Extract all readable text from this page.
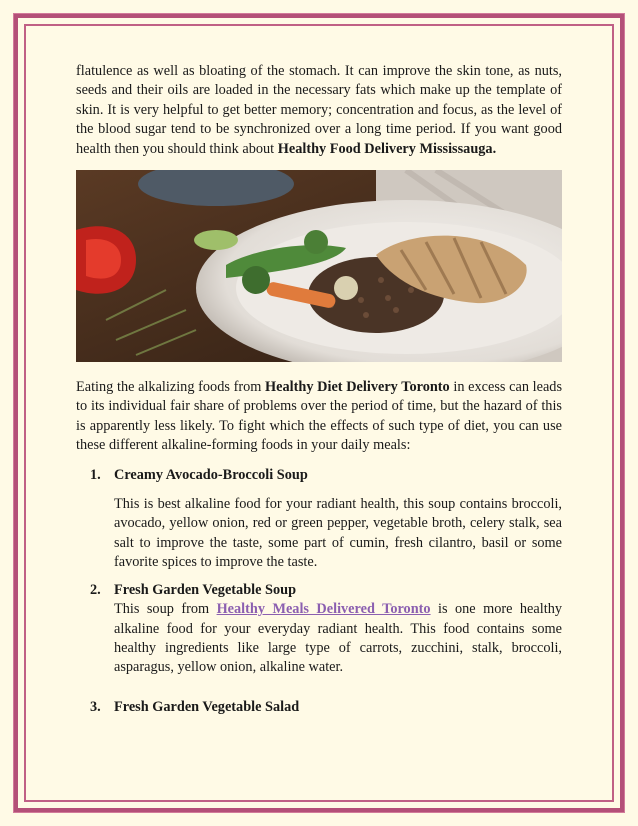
flatulence as well as bloating of the stomach. It can improve the skin tone, as nuts, seeds and their oils are loaded in the necessary fats which make up the template of skin. It is very helpful to get better memory; concentration and focus, as the level of the blood sugar tend to be synchronized over a long time period. If you want good health then you should think about Healthy Food Delivery Mississauga.

Eating the alkalizing foods from Healthy Diet Delivery Toronto in excess can leads to its individual fair share of problems over the period of time, but the hazard of this is apparently less likely. To fight which the effects of such type of diet, you can use these different alkaline-forming foods in your daily meals:

1. Creamy Avocado-Broccoli Soup
This is best alkaline food for your radiant health, this soup contains broccoli, avocado, yellow onion, red or green pepper, vegetable broth, celery stalk, sea salt to improve the taste, some part of cumin, fresh cilantro, basil or some favorite spices to improve the taste.
2. Fresh Garden Vegetable Soup
This soup from Healthy Meals Delivered Toronto is one more healthy alkaline food for your everyday radiant health. This food contains some healthy ingredients like large type of carrots, zucchini, stalk, broccoli, asparagus, yellow onion, alkaline water.
3. Fresh Garden Vegetable Salad
